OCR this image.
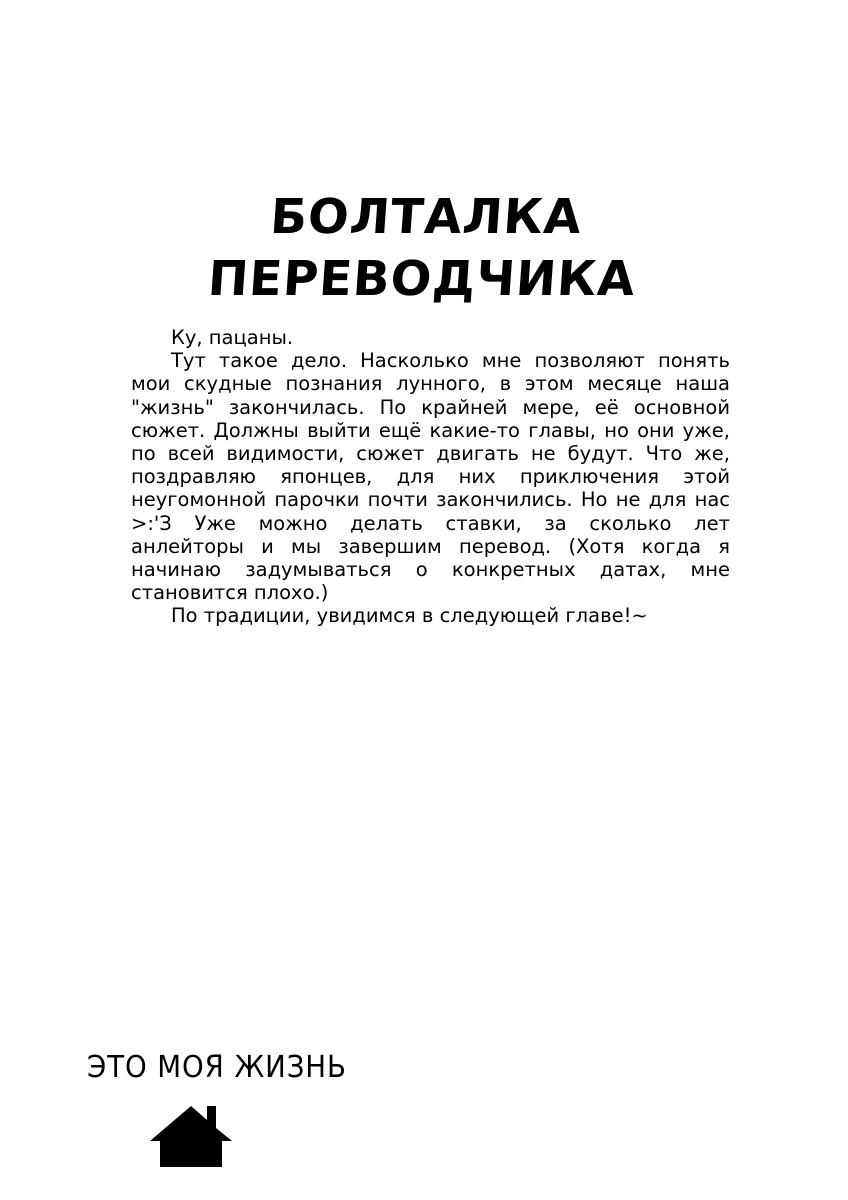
БОЛТАЛКА
ПЕРЕВОДЧИКА

Ку, пацаны.

Тут такое дело. Насколько мне позволяют понять мои скудные познания лунного, в этом месяце наша "жизнь" закончилась. По крайней мере, её основной сюжет. Должны выйти ещё какие-то главы, но они уже, по всей видимости, сюжет двигать не будут. Что же, поздравляю японцев, для них приключения этой неугомонной парочки почти закончились. Но не для нас >:'З Уже можно делать ставки, за сколько лет анлейторы и мы завершим перевод. (Хотя когда я начинаю задумываться о конкретных датах, мне становится плохо.)

По традиции, увидимся в следующей главе!~

ЭТО МОЯ ЖИЗНЬ
